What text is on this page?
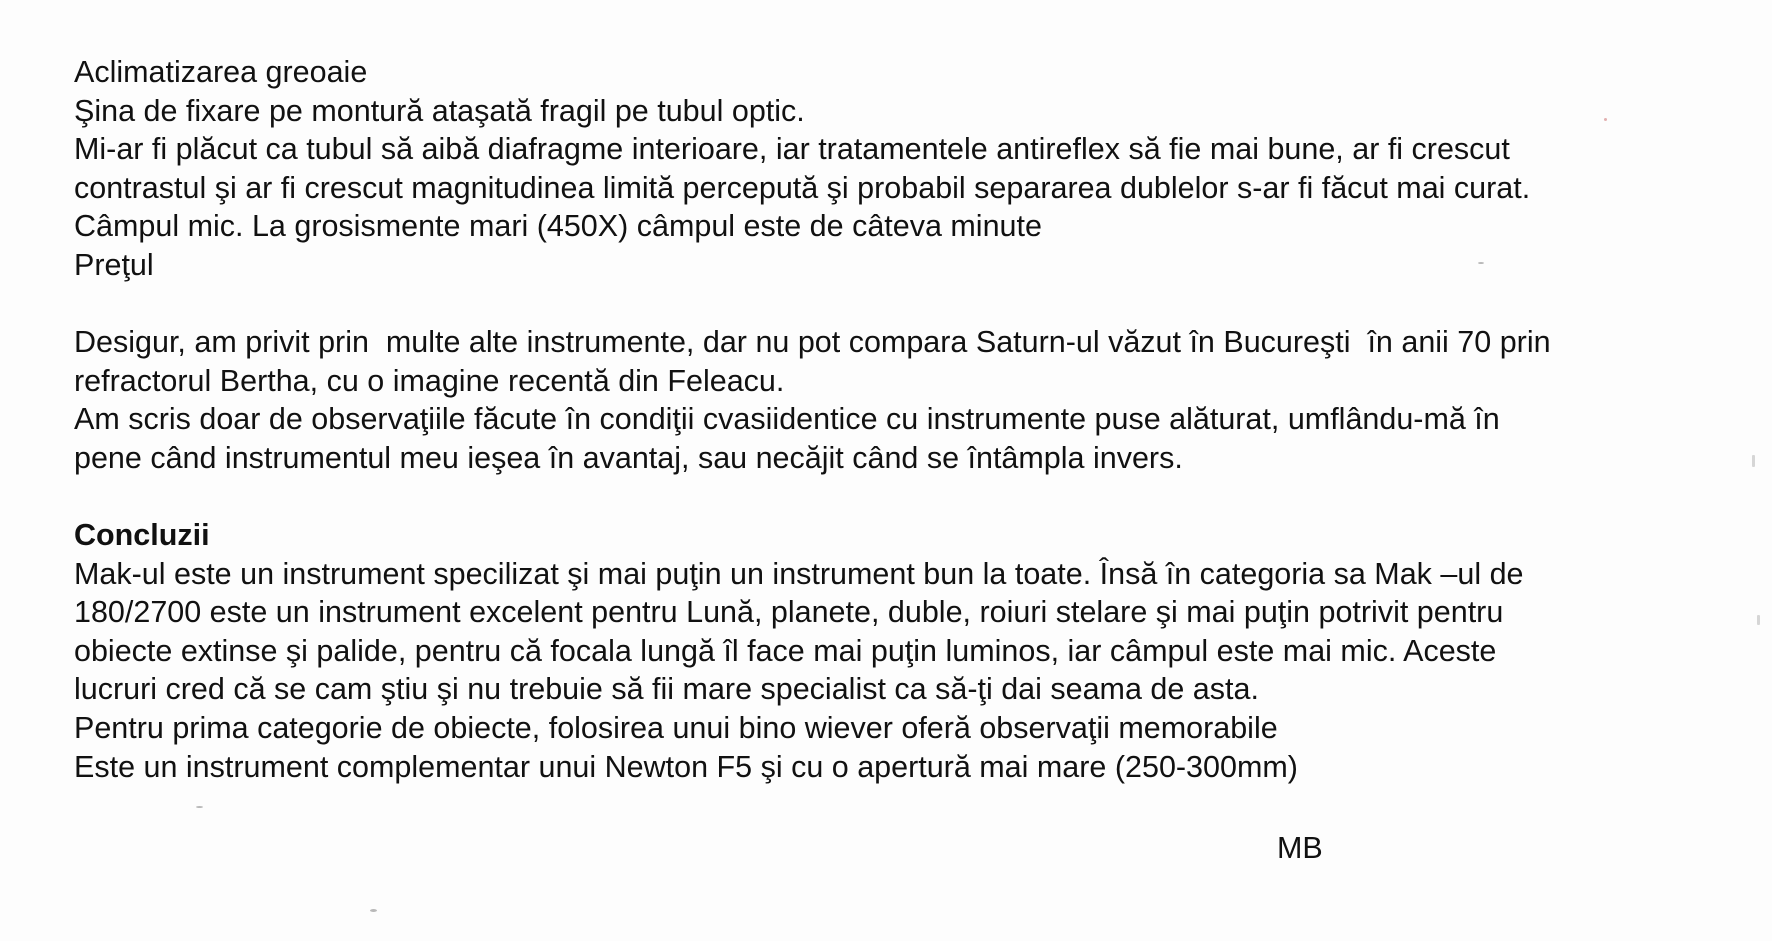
Aclimatizarea greoaie
Şina de fixare pe montură ataşată fragil pe tubul optic.
Mi-ar fi plăcut ca tubul să aibă diafragme interioare, iar tratamentele antireflex să fie mai bune, ar fi crescut
contrastul şi ar fi crescut magnitudinea limită percepută şi probabil separarea dublelor s-ar fi făcut mai curat.
Câmpul mic. La grosismente mari (450X) câmpul este de câteva minute
Preţul
Desigur, am privit prin  multe alte instrumente, dar nu pot compara Saturn-ul văzut în Bucureşti  în anii 70 prin
refractorul Bertha, cu o imagine recentă din Feleacu.
Am scris doar de observaţiile făcute în condiţii cvasiidentice cu instrumente puse alăturat, umflându-mă în
pene când instrumentul meu ieşea în avantaj, sau necăjit când se întâmpla invers.
Concluzii
Mak-ul este un instrument specilizat şi mai puţin un instrument bun la toate. Însă în categoria sa Mak –ul de
180/2700 este un instrument excelent pentru Lună, planete, duble, roiuri stelare şi mai puţin potrivit pentru
obiecte extinse şi palide, pentru că focala lungă îl face mai puţin luminos, iar câmpul este mai mic. Aceste
lucruri cred că se cam ştiu şi nu trebuie să fii mare specialist ca să-ţi dai seama de asta.
Pentru prima categorie de obiecte, folosirea unui bino wiever oferă observaţii memorabile
Este un instrument complementar unui Newton F5 şi cu o apertură mai mare (250-300mm)
MB
